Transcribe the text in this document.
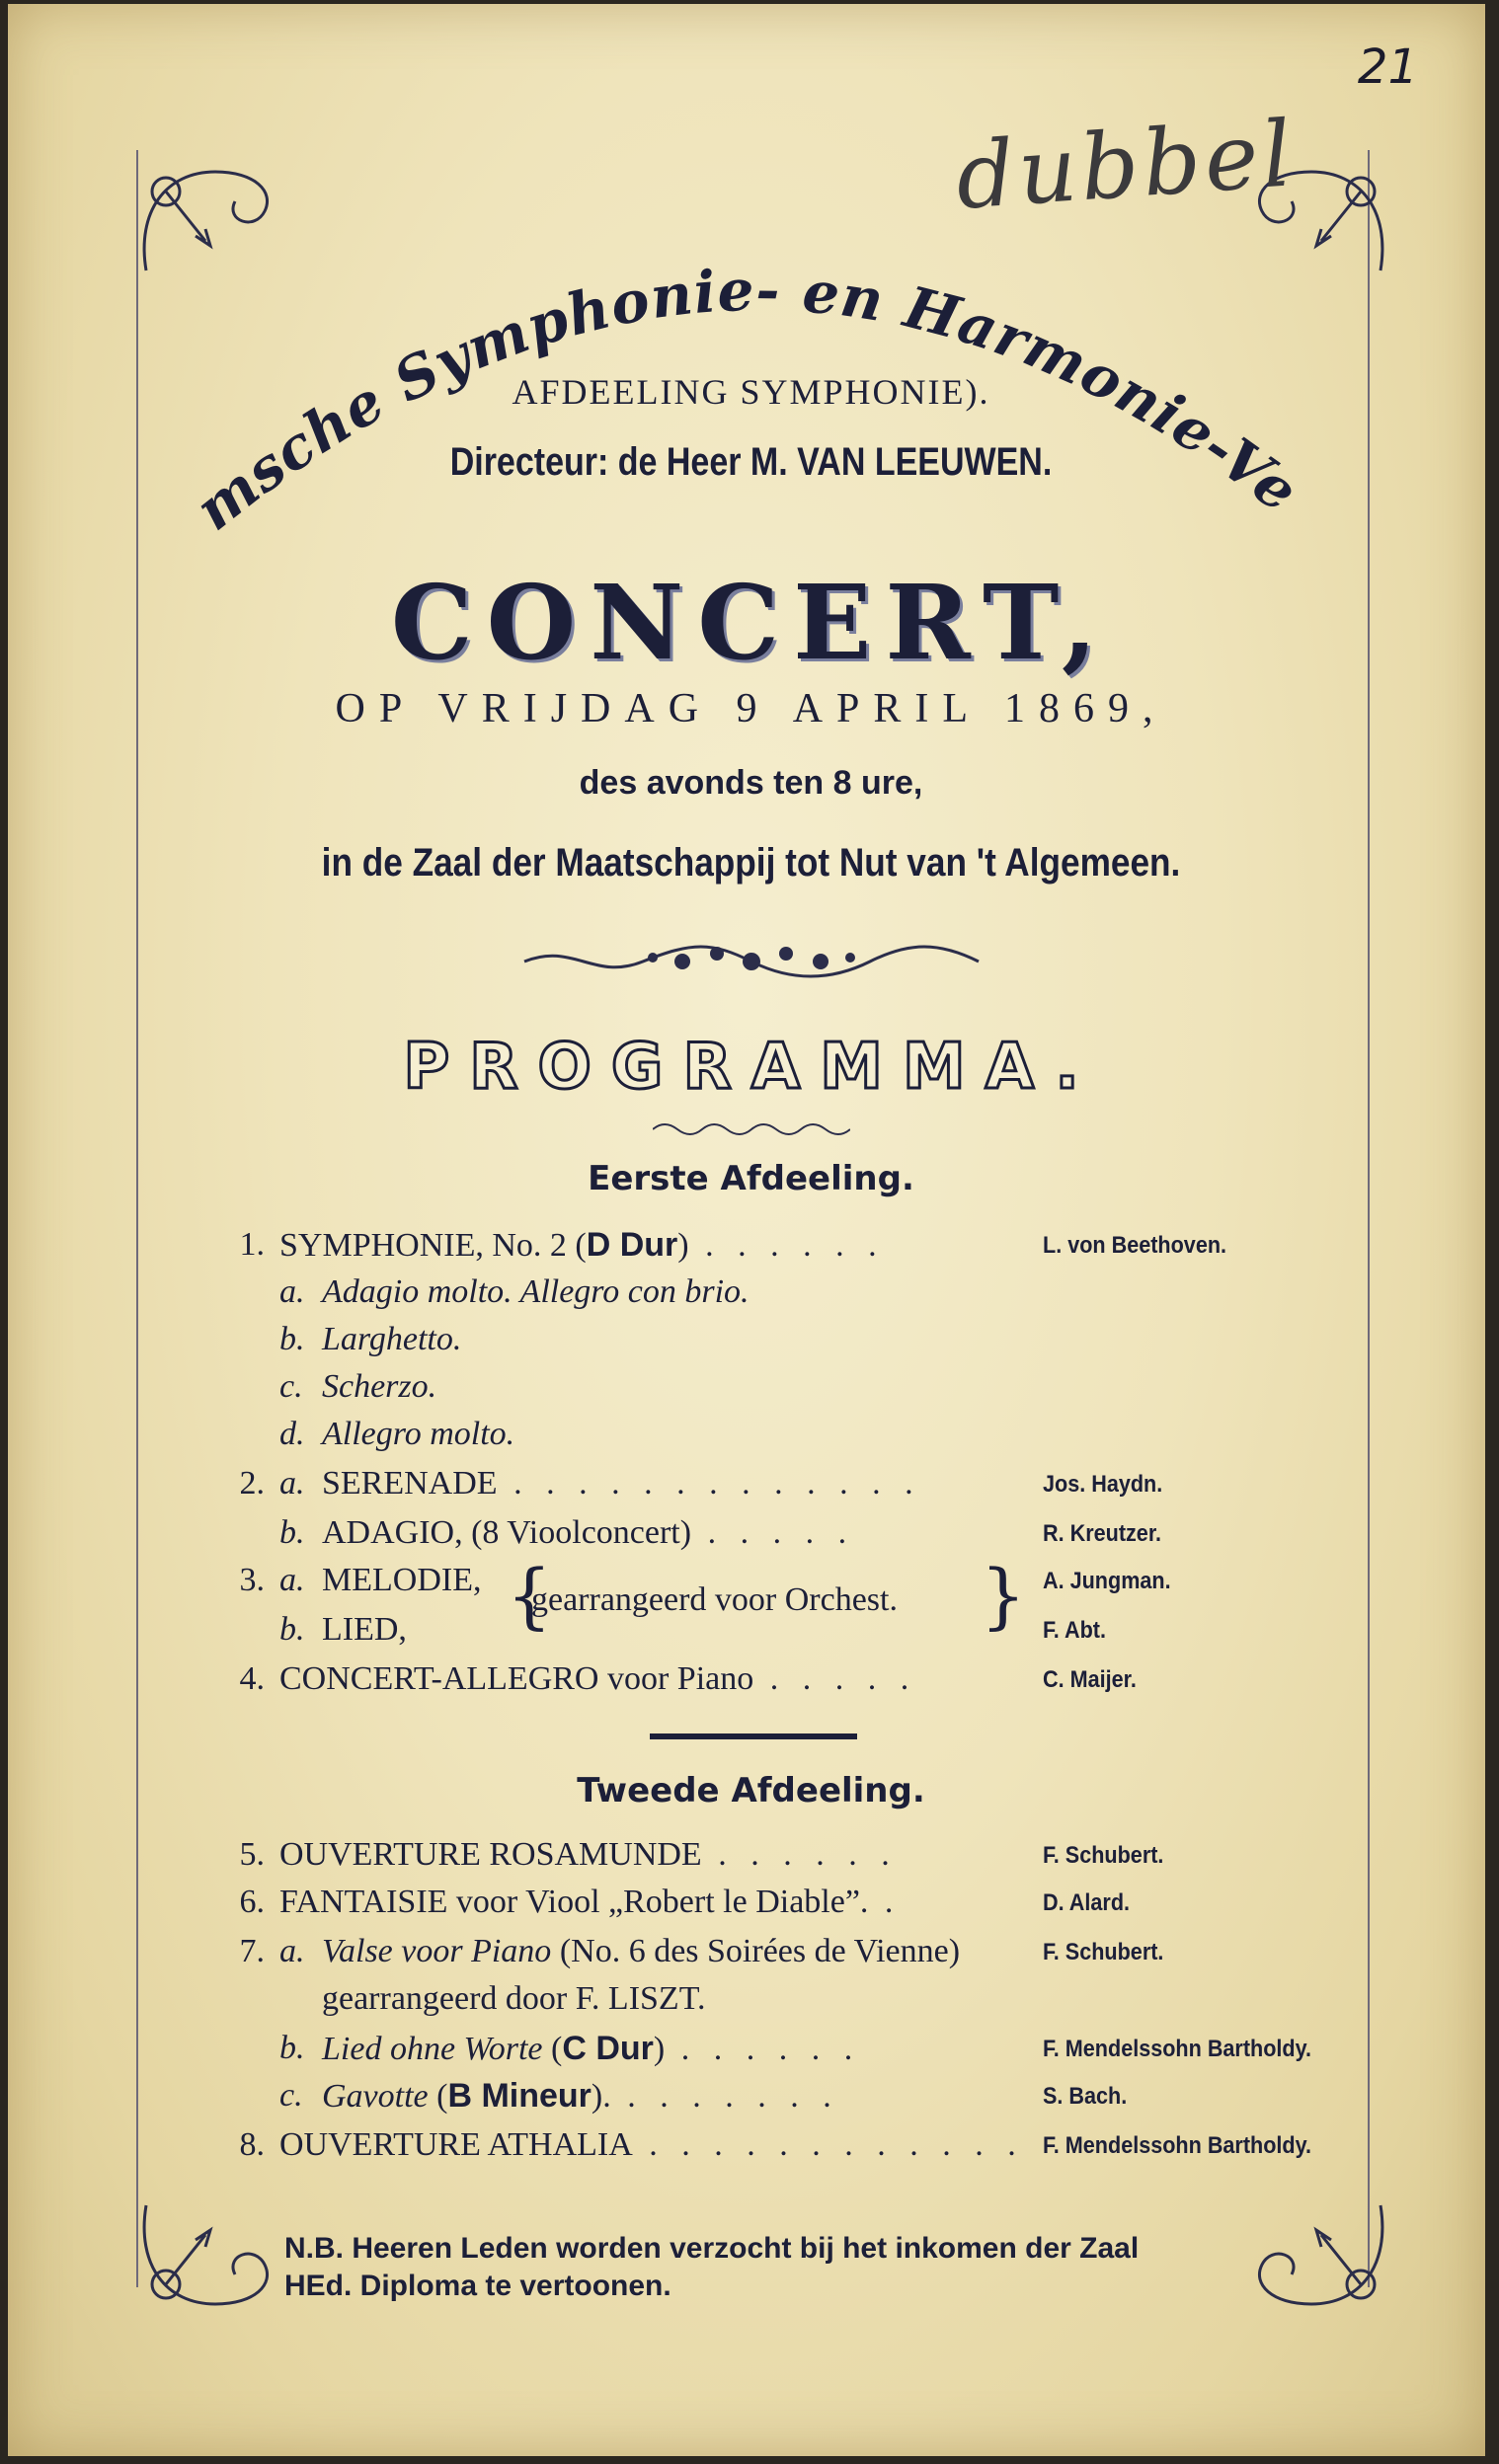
21
dubbel
Rotterdamsche Symphonie- en Harmonie-Vereeniging
AFDEELING SYMPHONIE).
Directeur: de Heer M. VAN LEEUWEN.
CONCERT,
OP VRIJDAG 9 APRIL 1869,
des avonds ten 8 ure,
in de Zaal der Maatschappij tot Nut van 't Algemeen.
PROGRAMMA.
Eerste Afdeeling.
1. SYMPHONIE, No. 2 (D Dur) . . . . . .	L. von Beethoven.
a. Adagio molto. Allegro con brio.
b. Larghetto.
c. Scherzo.
d. Allegro molto.
2. a. SERENADE . . . . . . . . . . . . .	Jos. Haydn.
b. ADAGIO, (8 Vioolconcert) . . . . .	R. Kreutzer.
3. a. MELODIE,	A. Jungman.
b. LIED,	F. Abt.
{
gearrangeerd voor Orchest. }
4. CONCERT-ALLEGRO voor Piano . . . . .	C. Maijer.
Tweede Afdeeling.
5. OUVERTURE ROSAMUNDE . . . . . .	F. Schubert.
6. FANTAISIE voor Viool „Robert le Diable”. .	D. Alard.
7. a. Valse voor Piano (No. 6 des Soirées de Vienne)	F. Schubert.
gearrangeerd door F. LISZT.
b. Lied ohne Worte (C Dur) . . . . . .	F. Mendelssohn Bartholdy.
c. Gavotte (B Mineur). . . . . . . .	S. Bach.
8. OUVERTURE ATHALIA . . . . . . . . . . . . F. Mendelssohn Bartholdy.
N.B. Heeren Leden worden verzocht bij het inkomen der Zaal
HEd. Diploma te vertoonen.
